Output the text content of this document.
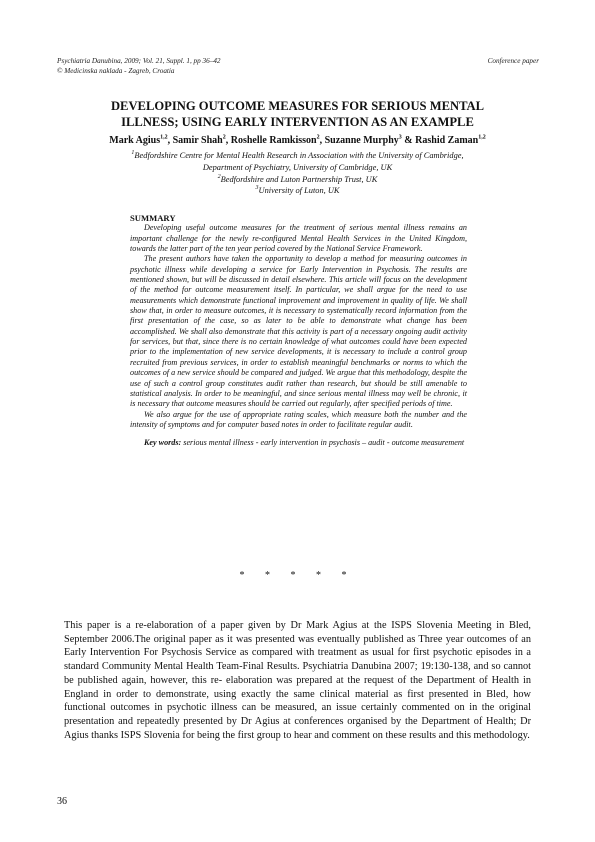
Psychiatria Danubina, 2009; Vol. 21, Suppl. 1, pp 36–42
© Medicinska naklada - Zagreb, Croatia
Conference paper
DEVELOPING OUTCOME MEASURES FOR SERIOUS MENTAL
ILLNESS; USING EARLY INTERVENTION AS AN EXAMPLE
Mark Agius$^{1,2}$, Samir Shah$^2$, Roshelle Ramkisson$^2$, Suzanne Murphy$^3$ & Rashid Zaman$^{1,2}$
$^1$Bedfordshire Centre for Mental Health Research in Association with the University of Cambridge,
Department of Psychiatry, University of Cambridge, UK
$^2$Bedfordshire and Luton Partnership Trust, UK
$^3$University of Luton, UK
SUMMARY

Developing useful outcome measures for the treatment of serious mental illness remains an important challenge for the newly re-configured Mental Health Services in the United Kingdom, towards the latter part of the ten year period covered by the National Service Framework.

The present authors have taken the opportunity to develop a method for measuring outcomes in psychotic illness while developing a service for Early Intervention in Psychosis. The results are mentioned shown, but will be discussed in detail elsewhere. This article will focus on the development of the method for outcome measurement itself. In particular, we shall argue for the need to use measurements which demonstrate functional improvement and improvement in quality of life. We shall show that, in order to measure outcomes, it is necessary to systematically record information from the first presentation of the case, so as later to be able to demonstrate what change has been accomplished. We shall also demonstrate that this activity is part of a necessary ongoing audit activity for services, but that, since there is no certain knowledge of what outcomes could have been expected prior to the implementation of new service developments, it is necessary to include a control group recruited from previous services, in order to establish meaningful benchmarks or norms to which the outcomes of a new service should be compared and judged. We argue that this methodology, despite the use of such a control group constitutes audit rather than research, but should be still amenable to statistical analysis. In order to be meaningful, and since serious mental illness may well be chronic, it is necessary that outcome measures should be carried out regularly, after specified periods of time.

We also argue for the use of appropriate rating scales, which measure both the number and the intensity of symptoms and for computer based notes in order to facilitate regular audit.

Key words: serious mental illness - early intervention in psychosis – audit - outcome measurement

* * * * *
This paper is a re-elaboration of a paper given by Dr Mark Agius at the ISPS Slovenia Meeting in Bled, September 2006.The original paper as it was presented was eventually published as Three year outcomes of an Early Intervention For Psychosis Service as compared with treatment as usual for first psychotic episodes in a standard Community Mental Health Team-Final Results. Psychiatria Danubina 2007; 19:130-138, and so cannot be published again, however, this re- elaboration was prepared at the request of the Department of Health in England in order to demonstrate, using exactly the same clinical material as first presented in Bled, how functional outcomes in psychotic illness can be measured, an issue certainly commented on in the original presentation and repeatedly presented by Dr Agius at conferences organised by the Department of Health; Dr Agius thanks ISPS Slovenia for being the first group to hear and comment on these results and this methodology.
36
